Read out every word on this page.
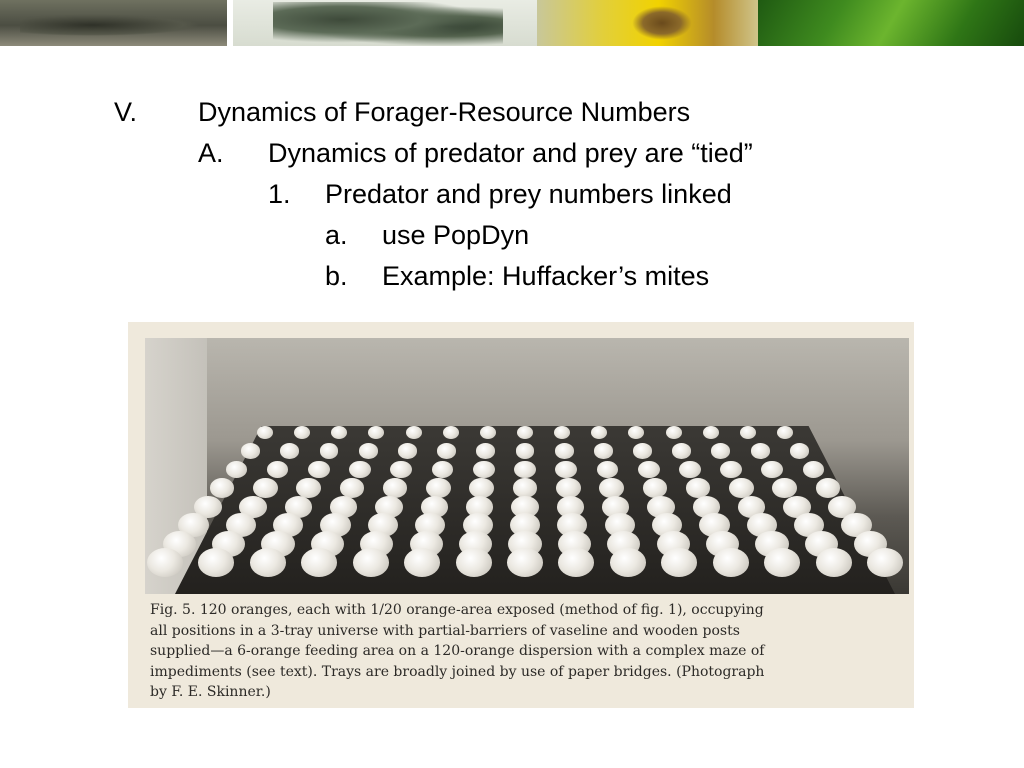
V. Dynamics of Forager-Resource Numbers
A. Dynamics of predator and prey are “tied”
1. Predator and prey numbers linked
a. use PopDyn
b. Example: Huffacker’s mites
Fig. 5. 120 oranges, each with 1/20 orange-area exposed (method of fig. 1), occupying
all positions in a 3-tray universe with partial-barriers of vaseline and wooden posts
supplied—a 6-orange feeding area on a 120-orange dispersion with a complex maze of
impediments (see text). Trays are broadly joined by use of paper bridges. (Photograph
by F. E. Skinner.)
